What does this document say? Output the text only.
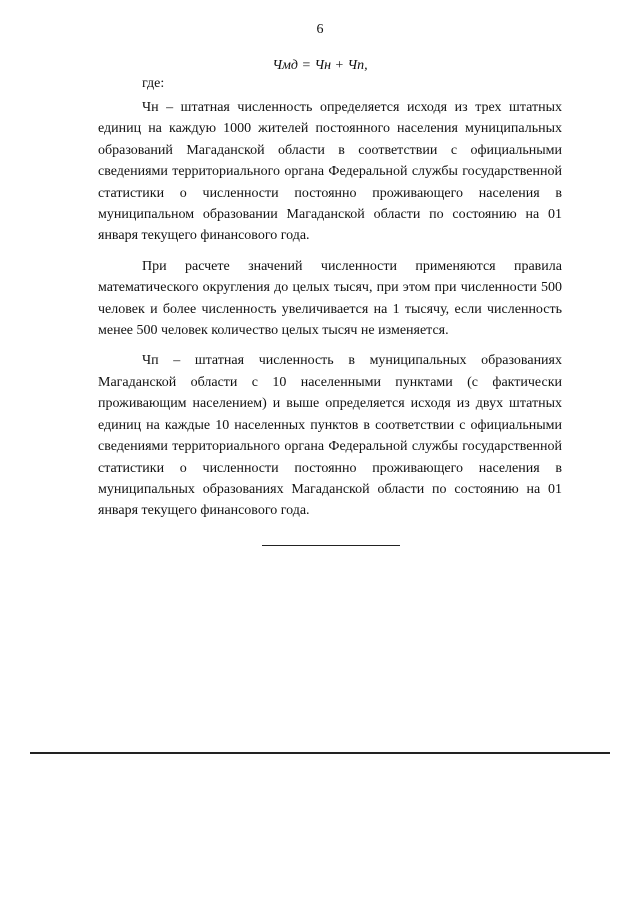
6
Чмд = Чн + Чп,
где:

Чн – штатная численность определяется исходя из трех штатных единиц на каждую 1000 жителей постоянного населения муниципальных образований Магаданской области в соответствии с официальными сведениями территориального органа Федеральной службы государственной статистики о численности постоянно проживающего населения в муниципальном образовании Магаданской области по состоянию на 01 января текущего финансового года.

При расчете значений численности применяются правила математического округления до целых тысяч, при этом при численности 500 человек и более численность увеличивается на 1 тысячу, если численность менее 500 человек количество целых тысяч не изменяется.

Чп – штатная численность в муниципальных образованиях Магаданской области с 10 населенными пунктами (с фактически проживающим населением) и выше определяется исходя из двух штатных единиц на каждые 10 населенных пунктов в соответствии с официальными сведениями территориального органа Федеральной службы государственной статистики о численности постоянно проживающего населения в муниципальных образованиях Магаданской области по состоянию на 01 января текущего финансового года.
